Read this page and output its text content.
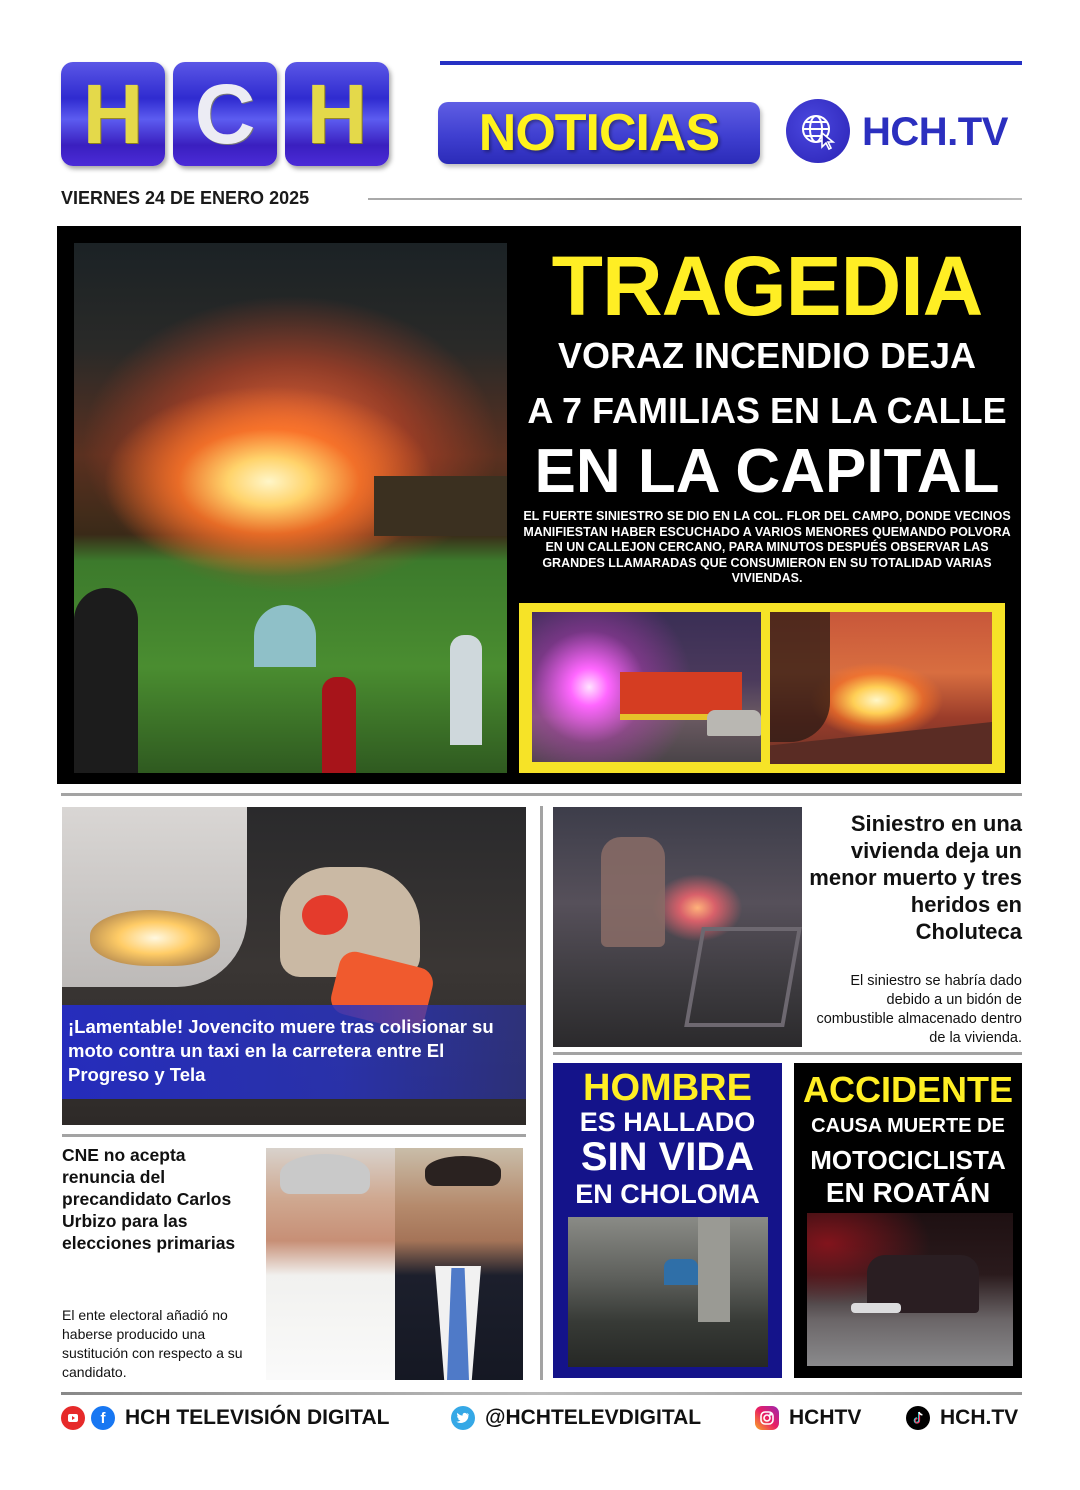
H C H NOTICIAS	HCH.TV
VIERNES 24 DE ENERO 2025
TRAGEDIA
VORAZ INCENDIO DEJA
A 7 FAMILIAS EN LA CALLE
EN LA CAPITAL
EL FUERTE SINIESTRO SE DIO EN LA COL. FLOR DEL CAMPO, DONDE VECINOS MANIFIESTAN HABER ESCUCHADO A VARIOS MENORES QUEMANDO POLVORA EN UN CALLEJON CERCANO, PARA MINUTOS DESPUÉS OBSERVAR LAS GRANDES LLAMARADAS QUE CONSUMIERON EN SU TOTALIDAD VARIAS VIVIENDAS.
¡Lamentable! Jovencito muere tras colisionar su moto contra un taxi en la carretera entre El Progreso y Tela
Siniestro en una vivienda deja un menor muerto y tres heridos en Choluteca
El siniestro se habría dado debido a un bidón de combustible almacenado dentro de la vivienda.
HOMBRE
ES HALLADO
SIN VIDA
EN CHOLOMA
ACCIDENTE
CAUSA MUERTE DE
MOTOCICLISTA
EN ROATÁN
CNE no acepta renuncia del precandidato Carlos Urbizo para las elecciones primarias
El ente electoral añadió no haberse producido una sustitución con respecto a su candidato.
f HCH TELEVISIÓN DIGITAL	@HCHTELEVDIGITAL	HCHTV	HCH.TV
